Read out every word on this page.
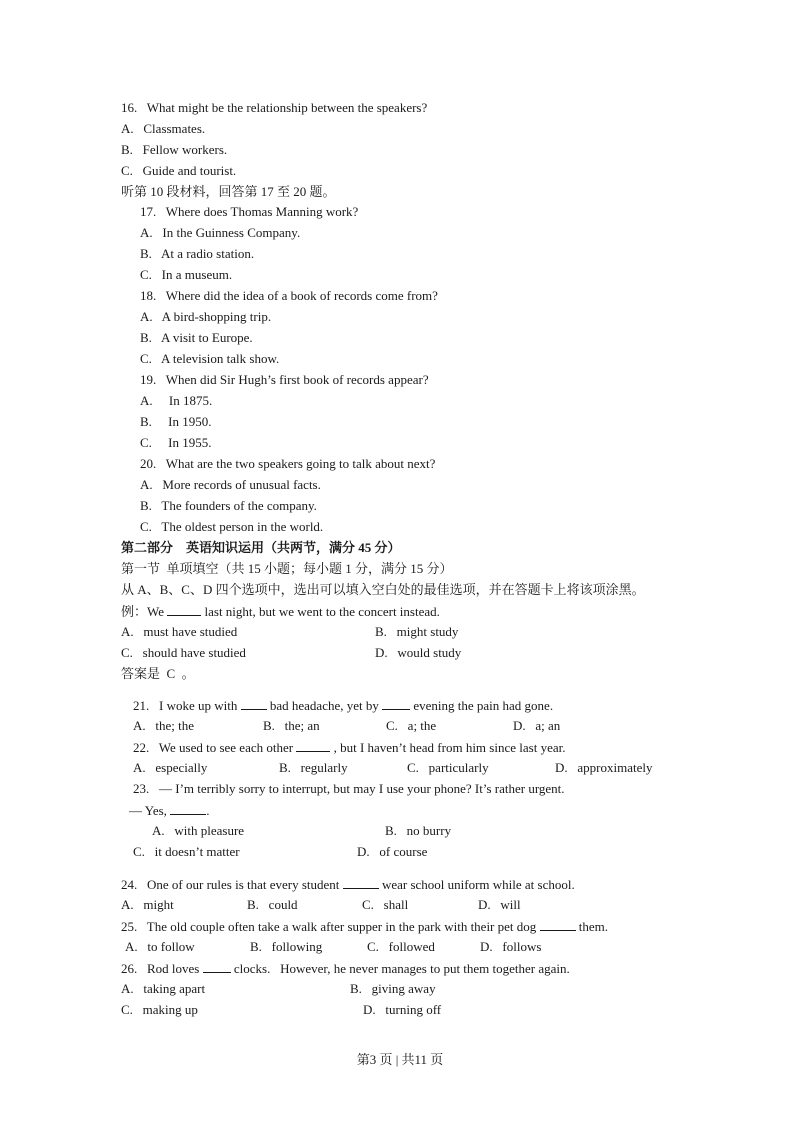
16.   What might be the relationship between the speakers?
A.   Classmates.
B.   Fellow workers.
C.   Guide and tourist.
听第 10 段材料，回答第 17 至 20 题。
17.   Where does Thomas Manning work?
A.   In the Guinness Company.
B.   At a radio station.
C.   In a museum.
18.   Where did the idea of a book of records come from?
A.   A bird-shopping trip.
B.   A visit to Europe.
C.   A television talk show.
19.   When did Sir Hugh’s first book of records appear?
A.     In 1875.
B.     In 1950.
C.     In 1955.
20.   What are the two speakers going to talk about next?
A.   More records of unusual facts.
B.   The founders of the company.
C.   The oldest person in the world.
第二部分    英语知识运用（共两节，满分 45 分）
第一节  单项填空（共 15 小题；每小题 1 分，满分 15 分）
从 A、B、C、D 四个选项中，选出可以填入空白处的最佳选项，并在答题卡上将该项涂黑。
例：We	last night, but we went to the concert instead.
A.   must have studied	B.   might study
C.   should have studied	D.   would study
答案是  C  。
21.   I woke up with  bad headache, yet by  evening the pain had gone.
A.   the; the	B.   the; an	C.   a; the	D.   a; an
22.   We used to see each other	, but I haven’t head from him since last year.
A.   especially	B.   regularly	C.   particularly	D.   approximately
23.   — I’m terribly sorry to interrupt, but may I use your phone? It’s rather urgent.
— Yes,	.
A.   with pleasure	B.   no burry
C.   it doesn’t matter	D.   of course
24.   One of our rules is that every student	wear school uniform while at school.
A.   might	B.   could	C.   shall	D.   will
25.   The old couple often take a walk after supper in the park with their pet dog	them.
A.   to follow	B.   following	C.   followed	D.   follows
26.   Rod loves  clocks.   However, he never manages to put them together again.
A.   taking apart	B.   giving away
C.   making up	D.   turning off
第3 页 | 共11 页
